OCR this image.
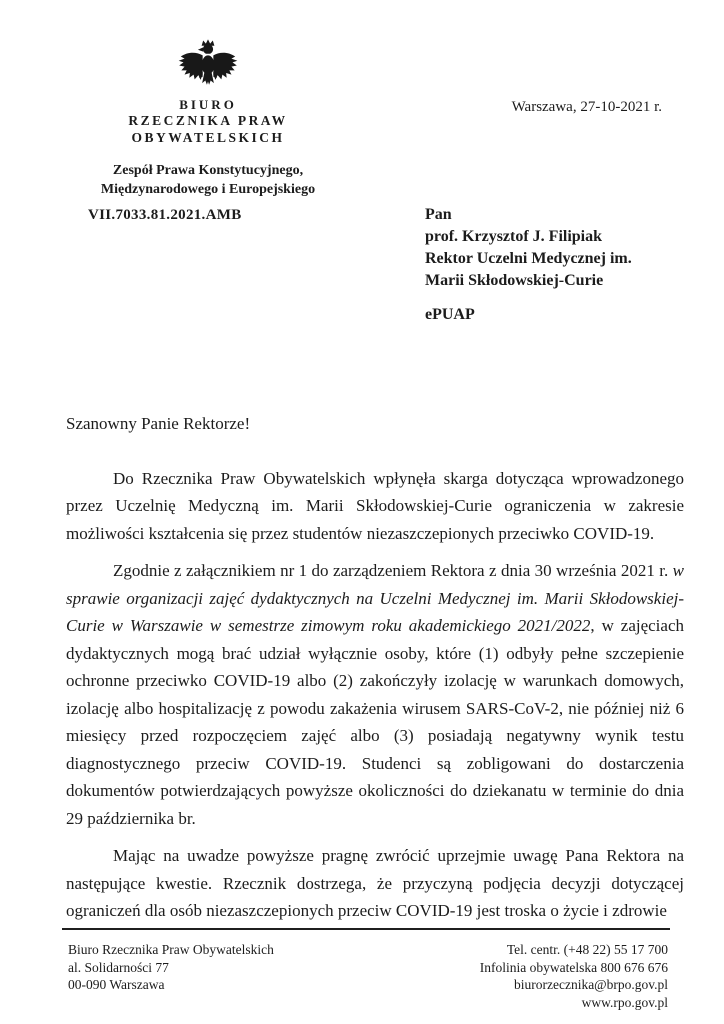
BIURO
RZECZNIKA PRAW OBYWATELSKICH
Zespół Prawa Konstytucyjnego,
Międzynarodowego i Europejskiego
Warszawa, 27-10-2021 r.
VII.7033.81.2021.AMB	Pan
prof. Krzysztof J. Filipiak
Rektor Uczelni Medycznej im.
Marii Skłodowskiej-Curie
ePUAP

Szanowny Panie Rektorze!

Do Rzecznika Praw Obywatelskich wpłynęła skarga dotycząca wprowadzonego przez Uczelnię Medyczną im. Marii Skłodowskiej-Curie ograniczenia w zakresie możliwości kształcenia się przez studentów niezaszczepionych przeciwko COVID-19.

Zgodnie z załącznikiem nr 1 do zarządzeniem Rektora z dnia 30 września 2021 r. w sprawie organizacji zajęć dydaktycznych na Uczelni Medycznej im. Marii Skłodowskiej-Curie w Warszawie w semestrze zimowym roku akademickiego 2021/2022, w zajęciach dydaktycznych mogą brać udział wyłącznie osoby, które (1) odbyły pełne szczepienie ochronne przeciwko COVID-19 albo (2) zakończyły izolację w warunkach domowych, izolację albo hospitalizację z powodu zakażenia wirusem SARS-CoV-2, nie później niż 6 miesięcy przed rozpoczęciem zajęć albo (3) posiadają negatywny wynik testu diagnostycznego przeciw COVID-19. Studenci są zobligowani do dostarczenia dokumentów potwierdzających powyższe okoliczności do dziekanatu w terminie do dnia 29 października br.

Mając na uwadze powyższe pragnę zwrócić uprzejmie uwagę Pana Rektora na następujące kwestie. Rzecznik dostrzega, że przyczyną podjęcia decyzji dotyczącej ograniczeń dla osób niezaszczepionych przeciw COVID-19 jest troska o życie i zdrowie

Biuro Rzecznika Praw Obywatelskich
al. Solidarności 77
00-090 Warszawa
Tel. centr. (+48 22) 55 17 700
Infolinia obywatelska 800 676 676
biurorzecznika@brpo.gov.pl
www.rpo.gov.pl
